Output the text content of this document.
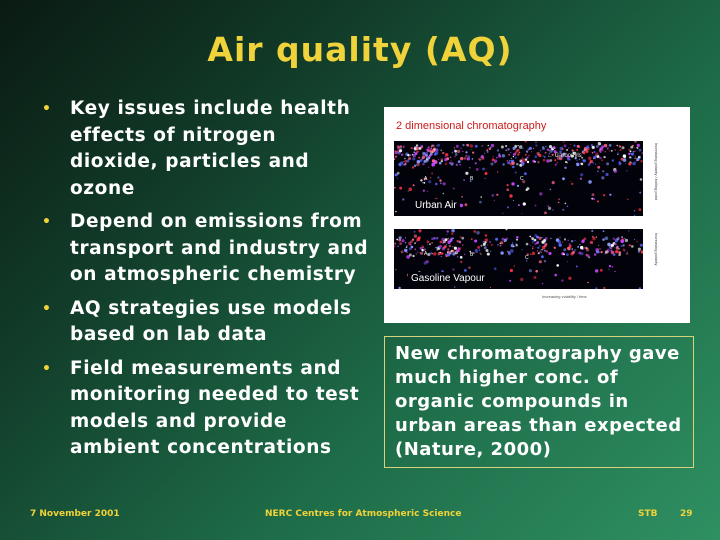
Air quality (AQ)
• Key issues include health effects of nitrogen dioxide, particles and ozone
• Depend on emissions from transport and industry and on atmospheric chemistry
• AQ strategies use models based on lab data
• Field measurements and monitoring needed to test models and provide ambient concentrations
2 dimensional chromatography
Urban Air
← Carbonyls
A	B	C
Gasoline Vapour
A	B	C
Increasing polarity / boiling point
Increasing polarity
Increasing volatility / time
New chromatography gave much higher conc. of organic compounds in urban areas than expected (Nature, 2000)
7 November 2001	NERC Centres for Atmospheric Science	STB	29
